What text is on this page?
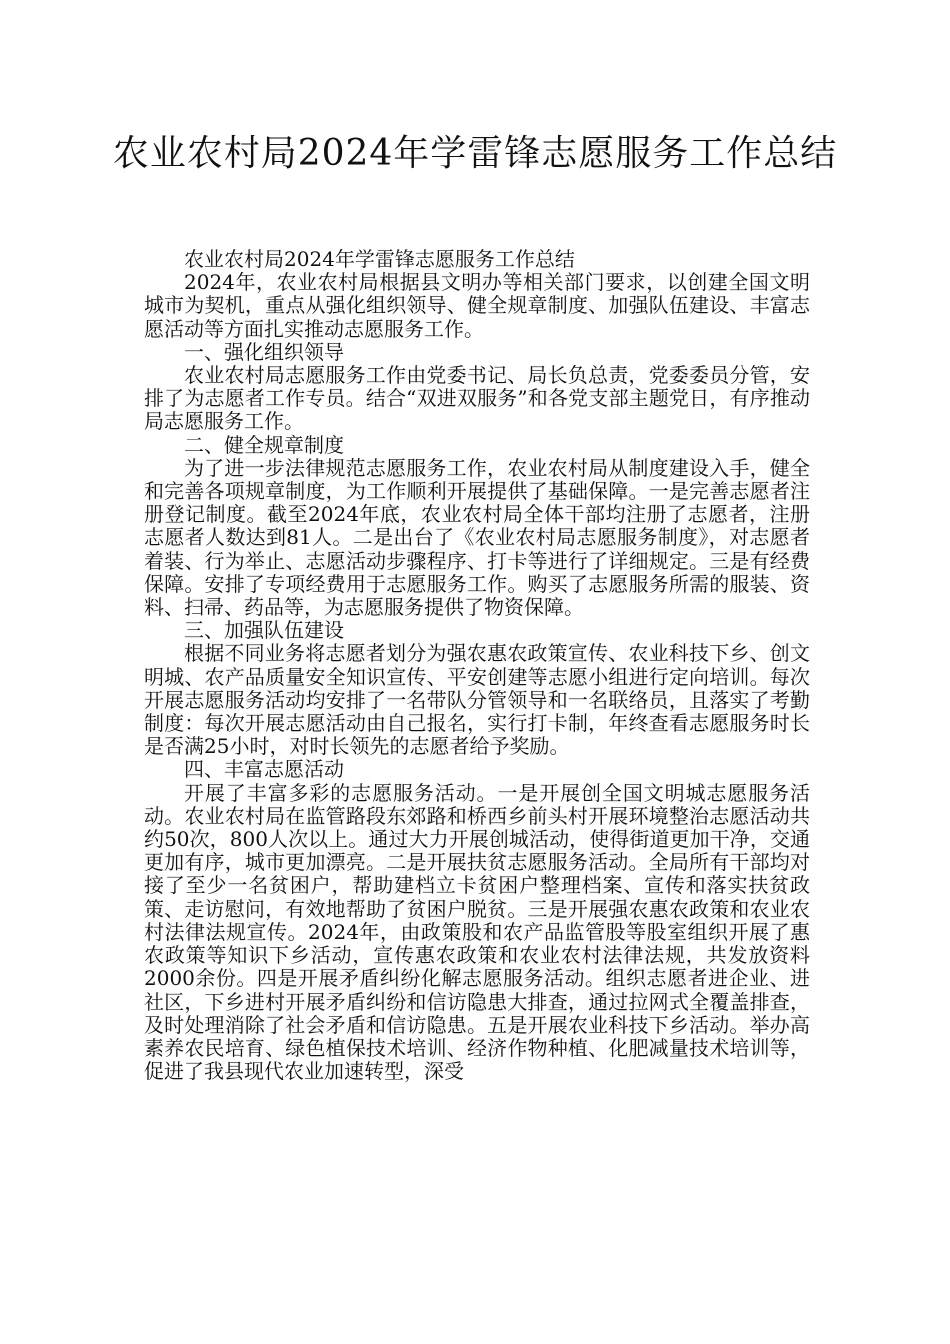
农业农村局2024年学雷锋志愿服务工作总结

农业农村局2024年学雷锋志愿服务工作总结

2024年，农业农村局根据县文明办等相关部门要求，以创建全国文明城市为契机，重点从强化组织领导、健全规章制度、加强队伍建设、丰富志愿活动等方面扎实推动志愿服务工作。

一、强化组织领导

农业农村局志愿服务工作由党委书记、局长负总责，党委委员分管，安排了为志愿者工作专员。结合“双进双服务”和各党支部主题党日，有序推动局志愿服务工作。

二、健全规章制度

为了进一步法律规范志愿服务工作，农业农村局从制度建设入手，健全和完善各项规章制度，为工作顺利开展提供了基础保障。一是完善志愿者注册登记制度。截至2024年底，农业农村局全体干部均注册了志愿者，注册志愿者人数达到81人。二是出台了《农业农村局志愿服务制度》，对志愿者着装、行为举止、志愿活动步骤程序、打卡等进行了详细规定。三是有经费保障。安排了专项经费用于志愿服务工作。购买了志愿服务所需的服装、资料、扫帚、药品等，为志愿服务提供了物资保障。

三、加强队伍建设

根据不同业务将志愿者划分为强农惠农政策宣传、农业科技下乡、创文明城、农产品质量安全知识宣传、平安创建等志愿小组进行定向培训。每次开展志愿服务活动均安排了一名带队分管领导和一名联络员，且落实了考勤制度：每次开展志愿活动由自己报名，实行打卡制，年终查看志愿服务时长是否满25小时，对时长领先的志愿者给予奖励。

四、丰富志愿活动

开展了丰富多彩的志愿服务活动。一是开展创全国文明城志愿服务活动。农业农村局在监管路段东郊路和桥西乡前头村开展环境整治志愿活动共约50次，800人次以上。通过大力开展创城活动，使得街道更加干净，交通更加有序，城市更加漂亮。二是开展扶贫志愿服务活动。全局所有干部均对接了至少一名贫困户，帮助建档立卡贫困户整理档案、宣传和落实扶贫政策、走访慰问，有效地帮助了贫困户脱贫。三是开展强农惠农政策和农业农村法律法规宣传。2024年，由政策股和农产品监管股等股室组织开展了惠农政策等知识下乡活动，宣传惠农政策和农业农村法律法规，共发放资料2000余份。四是开展矛盾纠纷化解志愿服务活动。组织志愿者进企业、进社区，下乡进村开展矛盾纠纷和信访隐患大排查，通过拉网式全覆盖排查，及时处理消除了社会矛盾和信访隐患。五是开展农业科技下乡活动。举办高素养农民培育、绿色植保技术培训、经济作物种植、化肥减量技术培训等，促进了我县现代农业加速转型，深受
